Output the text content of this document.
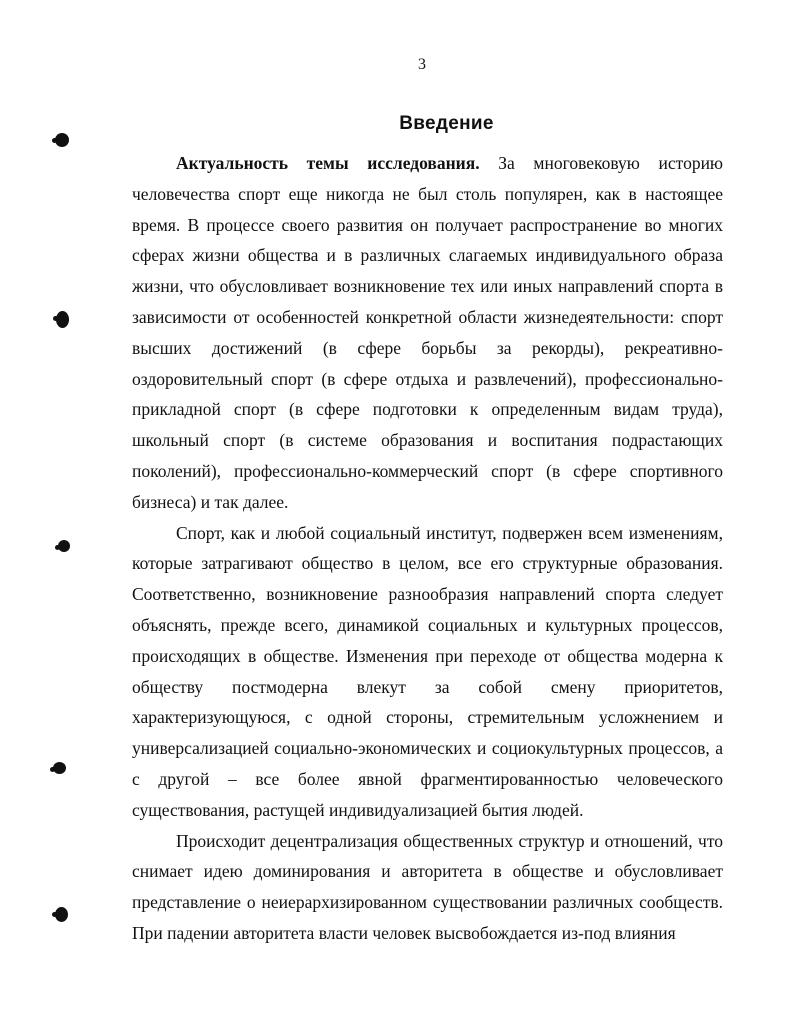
3
Введение

Актуальность темы исследования. За многовековую историю человечества спорт еще никогда не был столь популярен, как в настоящее время. В процессе своего развития он получает распространение во многих сферах жизни общества и в различных слагаемых индивидуального образа жизни, что обусловливает возникновение тех или иных направлений спорта в зависимости от особенностей конкретной области жизнедеятельности: спорт высших достижений (в сфере борьбы за рекорды), рекреативно-оздоровительный спорт (в сфере отдыха и развлечений), профессионально-прикладной спорт (в сфере подготовки к определенным видам труда), школьный спорт (в системе образования и воспитания подрастающих поколений), профессионально-коммерческий спорт (в сфере спортивного бизнеса) и так далее.

Спорт, как и любой социальный институт, подвержен всем изменениям, которые затрагивают общество в целом, все его структурные образования. Соответственно, возникновение разнообразия направлений спорта следует объяснять, прежде всего, динамикой социальных и культурных процессов, происходящих в обществе. Изменения при переходе от общества модерна к обществу постмодерна влекут за собой смену приоритетов, характеризующуюся, с одной стороны, стремительным усложнением и универсализацией социально-экономических и социокультурных процессов, а с другой – все более явной фрагментированностью человеческого существования, растущей индивидуализацией бытия людей.

Происходит децентрализация общественных структур и отношений, что снимает идею доминирования и авторитета в обществе и обусловливает представление о неиерархизированном существовании различных сообществ. При падении авторитета власти человек высвобождается из-под влияния
